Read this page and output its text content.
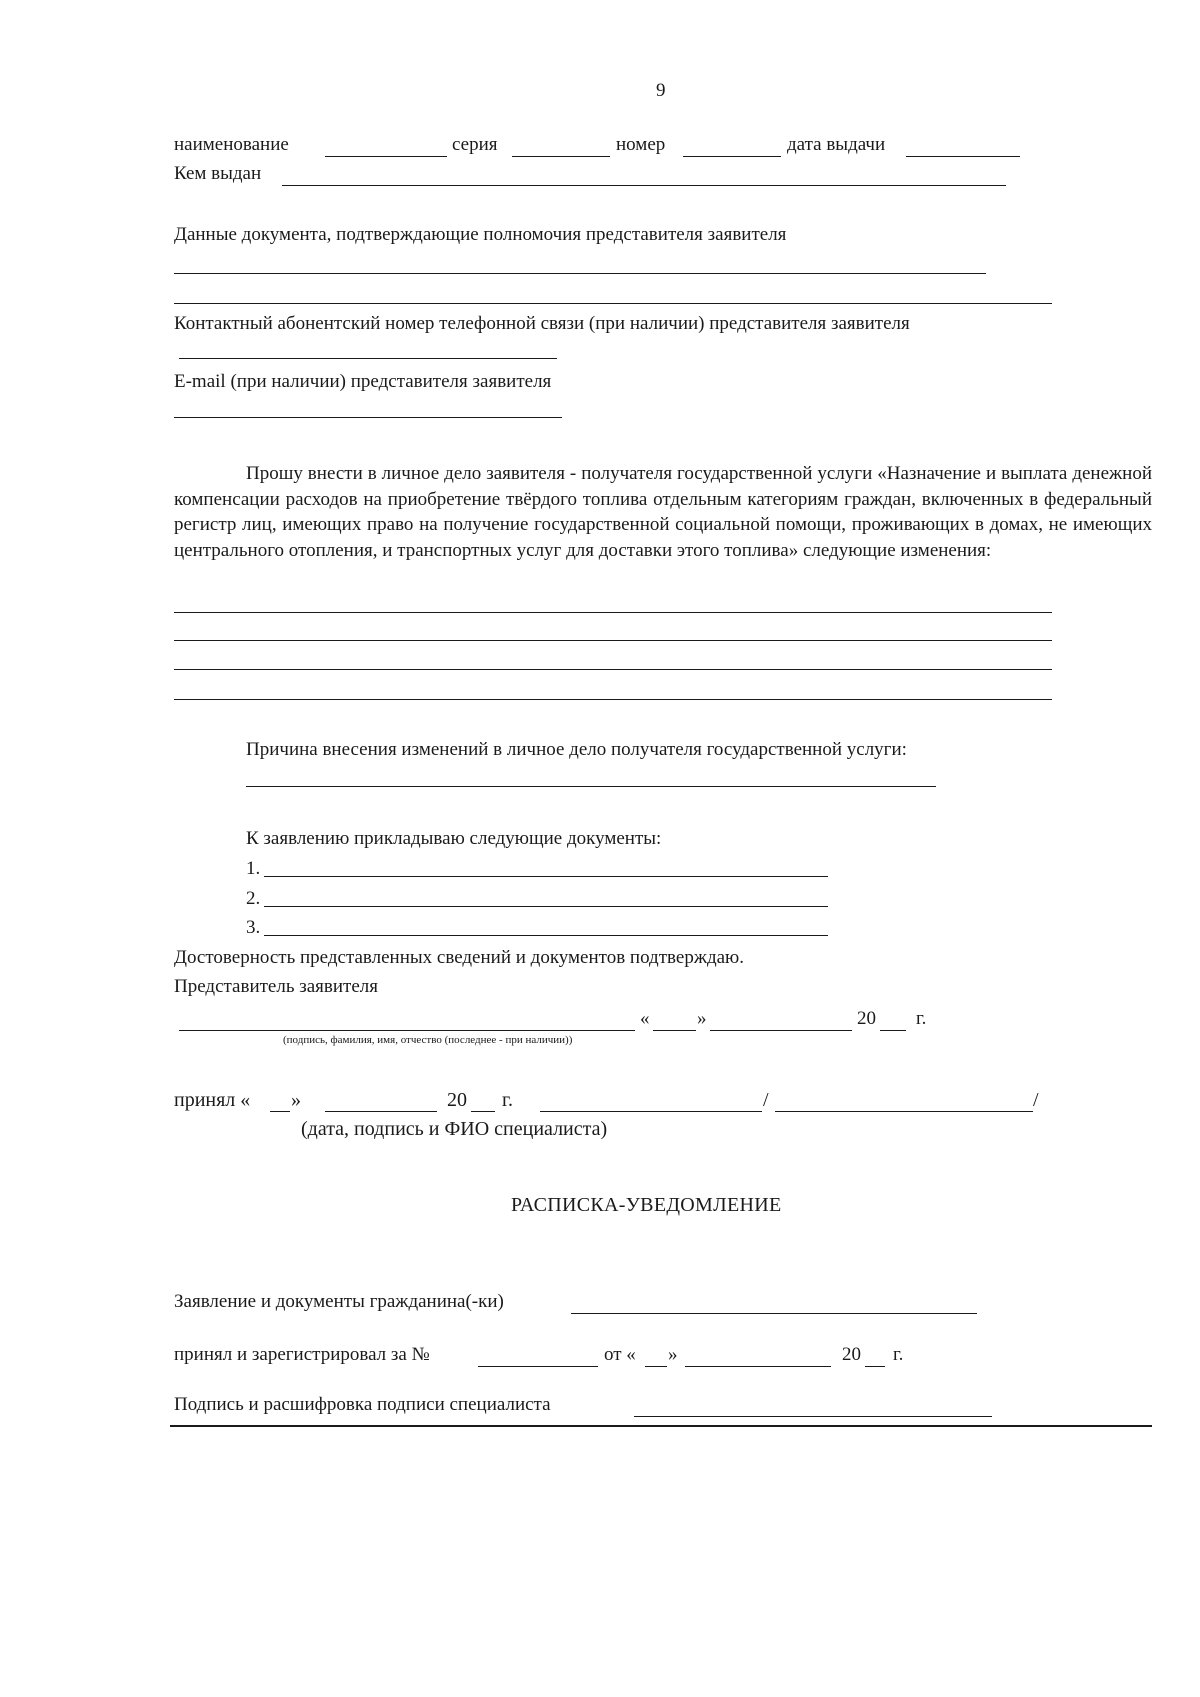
9
наименование	серия	номер	дата выдачи
Кем выдан
Данные документа, подтверждающие полномочия представителя заявителя
Контактный абонентский номер телефонной связи (при наличии) представителя заявителя
E-mail (при наличии) представителя заявителя
Прошу внести в личное дело заявителя - получателя государственной услуги «Назначение и выплата денежной компенсации расходов на приобретение твёрдого топлива отдельным категориям граждан, включенных в федеральный регистр лиц, имеющих право на получение государственной социальной помощи, проживающих в домах, не имеющих центрального отопления, и транспортных услуг для доставки этого топлива» следующие изменения:
Причина внесения изменений в личное дело получателя государственной услуги:
К заявлению прикладываю следующие документы:
1.
2.
3.
Достоверность представленных сведений и документов подтверждаю.
Представитель заявителя
«	»	20 г.
(подпись, фамилия, имя, отчество (последнее - при наличии))
принял « »	20 г.	/	/
(дата, подпись и ФИО специалиста)
РАСПИСКА-УВЕДОМЛЕНИЕ
Заявление и документы гражданина(-ки)
принял и зарегистрировал за №	от « »	20 г.
Подпись и расшифровка подписи специалиста
